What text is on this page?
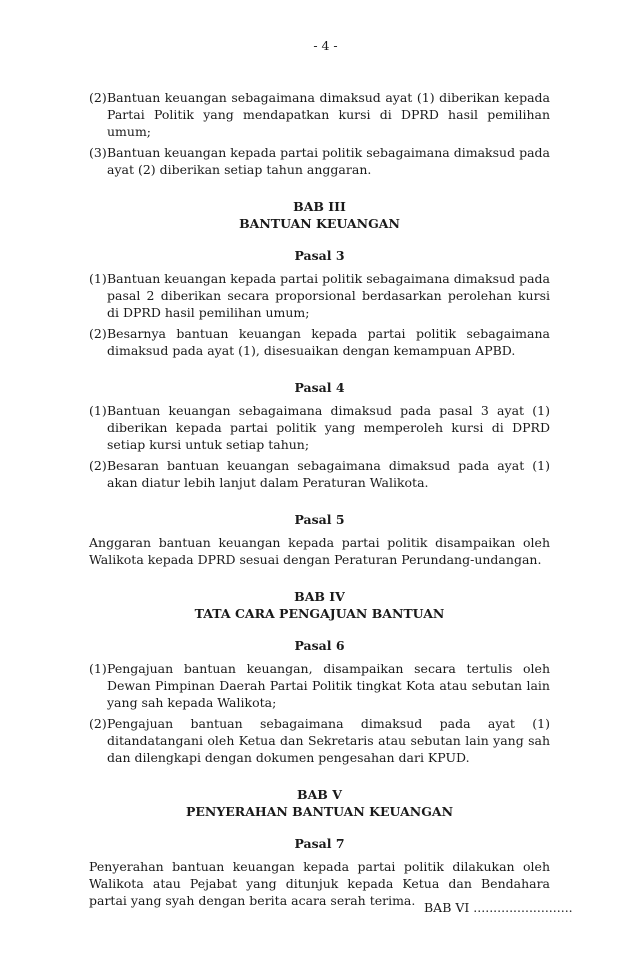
- 4 -
(2) Bantuan keuangan sebagaimana dimaksud ayat (1) diberikan kepada Partai Politik yang mendapatkan kursi di DPRD hasil pemilihan umum;
(3) Bantuan keuangan kepada partai politik sebagaimana dimaksud pada ayat (2) diberikan setiap tahun anggaran.
BAB III
BANTUAN KEUANGAN
Pasal 3
(1) Bantuan keuangan kepada partai politik sebagaimana dimaksud pada pasal 2 diberikan secara proporsional berdasarkan perolehan kursi di DPRD hasil pemilihan umum;
(2) Besarnya bantuan keuangan kepada partai politik sebagaimana dimaksud pada ayat (1), disesuaikan dengan kemampuan APBD.
Pasal 4
(1) Bantuan keuangan sebagaimana dimaksud pada pasal 3 ayat (1) diberikan kepada partai politik yang memperoleh kursi di DPRD setiap kursi untuk setiap tahun;
(2) Besaran bantuan keuangan sebagaimana dimaksud pada ayat (1) akan diatur lebih lanjut dalam Peraturan Walikota.
Pasal 5
Anggaran bantuan keuangan kepada partai politik disampaikan oleh Walikota kepada DPRD sesuai dengan Peraturan Perundang-undangan.
BAB IV
TATA CARA PENGAJUAN BANTUAN
Pasal 6
(1) Pengajuan bantuan keuangan, disampaikan secara tertulis oleh Dewan Pimpinan Daerah Partai Politik tingkat Kota atau sebutan lain yang sah kepada Walikota;
(2) Pengajuan bantuan sebagaimana dimaksud pada ayat (1) ditandatangani oleh Ketua dan Sekretaris atau sebutan lain yang sah dan dilengkapi dengan dokumen pengesahan dari KPUD.
BAB V
PENYERAHAN BANTUAN KEUANGAN
Pasal 7
Penyerahan bantuan keuangan kepada partai politik dilakukan oleh Walikota atau Pejabat yang ditunjuk kepada Ketua dan Bendahara partai yang syah dengan berita acara serah terima. BAB VI .........................
